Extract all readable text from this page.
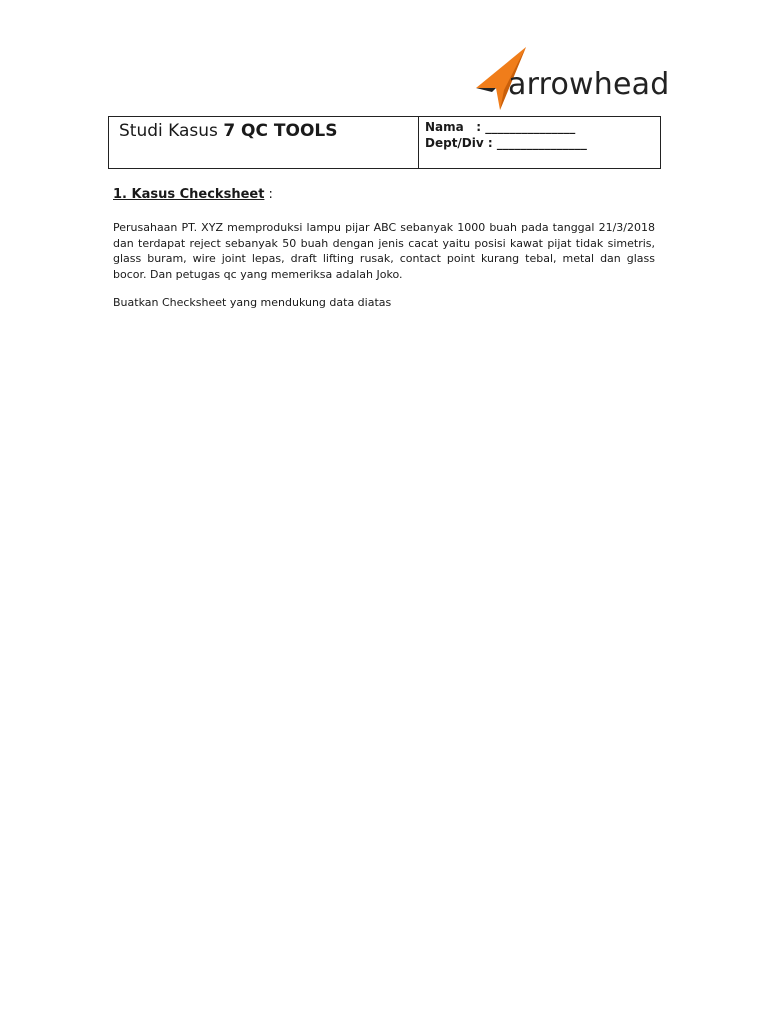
arrowhead
Studi Kasus 7 QC TOOLS	Nama   : _______________
Dept/Div : _______________
1. Kasus Checksheet :
Perusahaan PT. XYZ memproduksi lampu pijar ABC sebanyak 1000 buah pada tanggal 21/3/2018 dan terdapat reject sebanyak 50 buah dengan jenis cacat yaitu posisi kawat pijat tidak simetris, glass buram, wire joint lepas, draft lifting rusak, contact point kurang tebal, metal dan glass bocor. Dan petugas qc yang memeriksa adalah Joko.
Buatkan Checksheet yang mendukung data diatas
